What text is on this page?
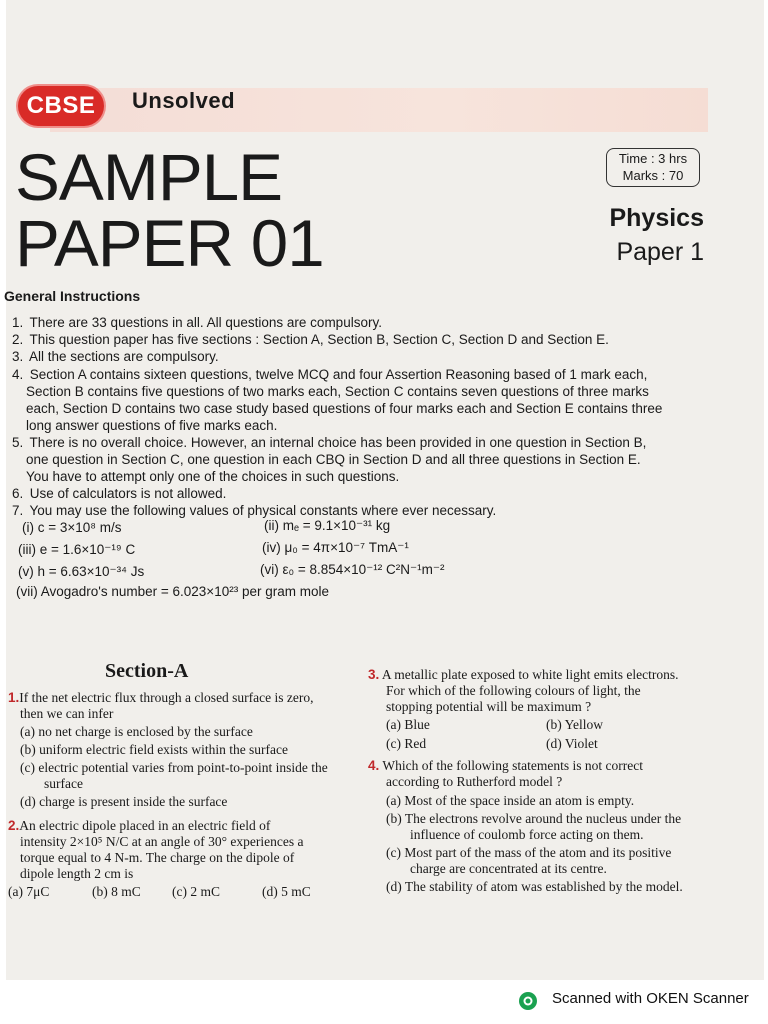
CBSE	Unsolved
SAMPLE
PAPER 01
Time : 3 hrs
Marks : 70
Physics
Paper 1
General Instructions
1. There are 33 questions in all. All questions are compulsory.
2. This question paper has five sections : Section A, Section B, Section C, Section D and Section E.
3. All the sections are compulsory.
4. Section A contains sixteen questions, twelve MCQ and four Assertion Reasoning based of 1 mark each,
Section B contains five questions of two marks each, Section C contains seven questions of three marks
each, Section D contains two case study based questions of four marks each and Section E contains three
long answer questions of five marks each.
5. There is no overall choice. However, an internal choice has been provided in one question in Section B,
one question in Section C, one question in each CBQ in Section D and all three questions in Section E.
You have to attempt only one of the choices in such questions.
6. Use of calculators is not allowed.
7. You may use the following values of physical constants where ever necessary.
(i) c = 3×10⁸ m/s	(ii) mₑ = 9.1×10⁻³¹ kg
(iii) e = 1.6×10⁻¹⁹ C	(iv) μ₀ = 4π×10⁻⁷ TmA⁻¹
(v) h = 6.63×10⁻³⁴ Js	(vi) ε₀ = 8.854×10⁻¹² C²N⁻¹m⁻²
(vii) Avogadro's number = 6.023×10²³ per gram mole
Section-A
1.If the net electric flux through a closed surface is zero,
then we can infer
(a) no net charge is enclosed by the surface
(b) uniform electric field exists within the surface
(c) electric potential varies from point-to-point inside the
surface
(d) charge is present inside the surface
2.An electric dipole placed in an electric field of
intensity 2×10⁵ N/C at an angle of 30° experiences a
torque equal to 4 N-m. The charge on the dipole of
dipole length 2 cm is
(a) 7μC	(b) 8 mC (c) 2 mC	(d) 5 mC
3. A metallic plate exposed to white light emits electrons.
For which of the following colours of light, the
stopping potential will be maximum ?
(a) Blue	(b) Yellow
(c) Red	(d) Violet
4. Which of the following statements is not correct
according to Rutherford model ?
(a) Most of the space inside an atom is empty.
(b) The electrons revolve around the nucleus under the
influence of coulomb force acting on them.
(c) Most part of the mass of the atom and its positive
charge are concentrated at its centre.
(d) The stability of atom was established by the model.
Scanned with OKEN Scanner
